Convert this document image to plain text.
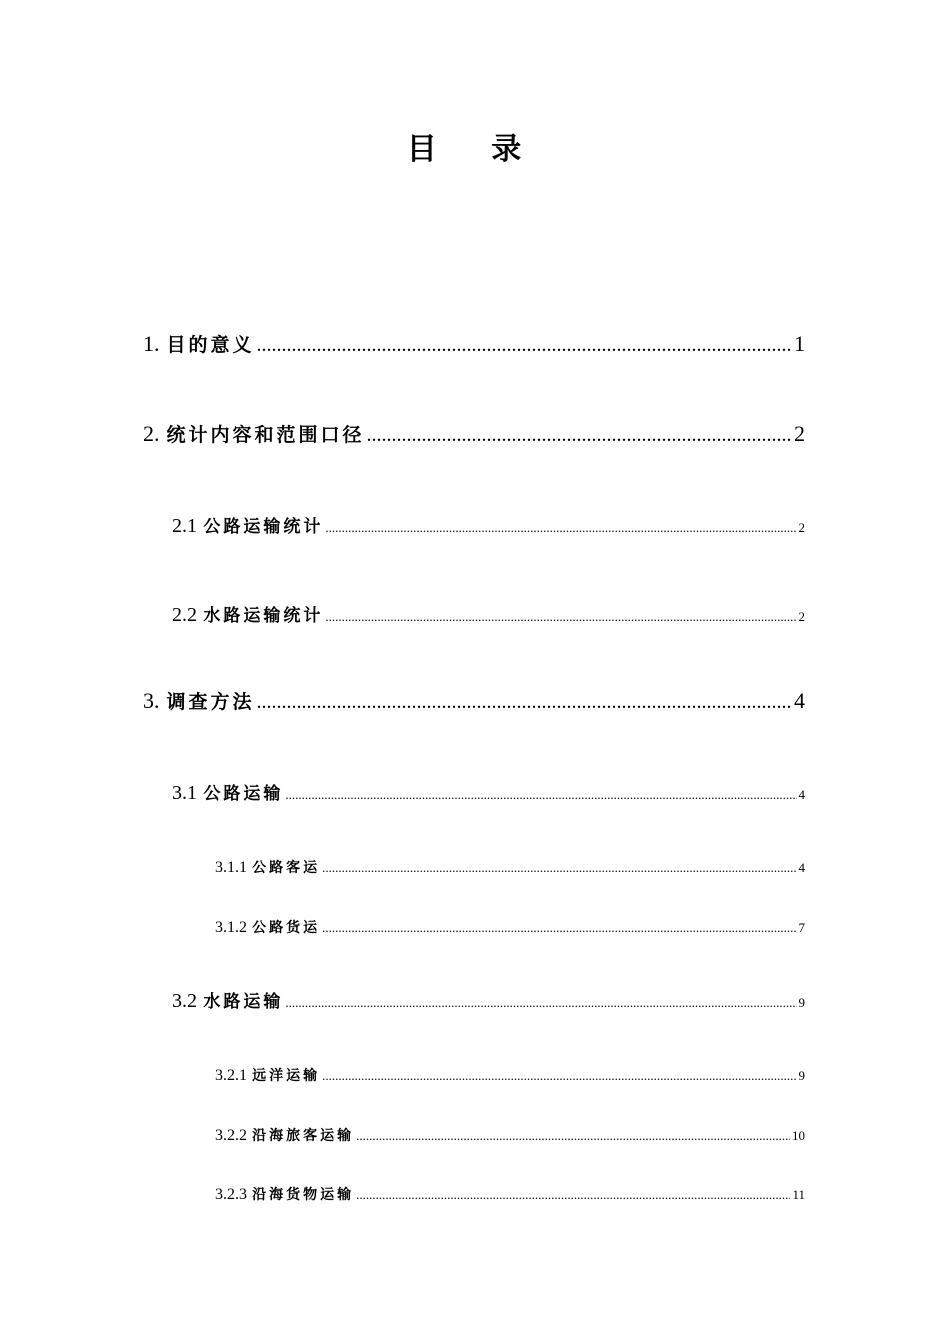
目 录
1. 目的意义 .....	1
2. 统计内容和范围口径 .....	2
2.1 公路运输统计 .....	2
2.2 水路运输统计 .....	2
3. 调查方法 .....	4
3.1 公路运输 .....	4
3.1.1 公路客运 .....	4
3.1.2 公路货运 .....	7
3.2 水路运输 .....	9
3.2.1 远洋运输 .....	9
3.2.2 沿海旅客运输 .....	10
3.2.3 沿海货物运输 .....	11
